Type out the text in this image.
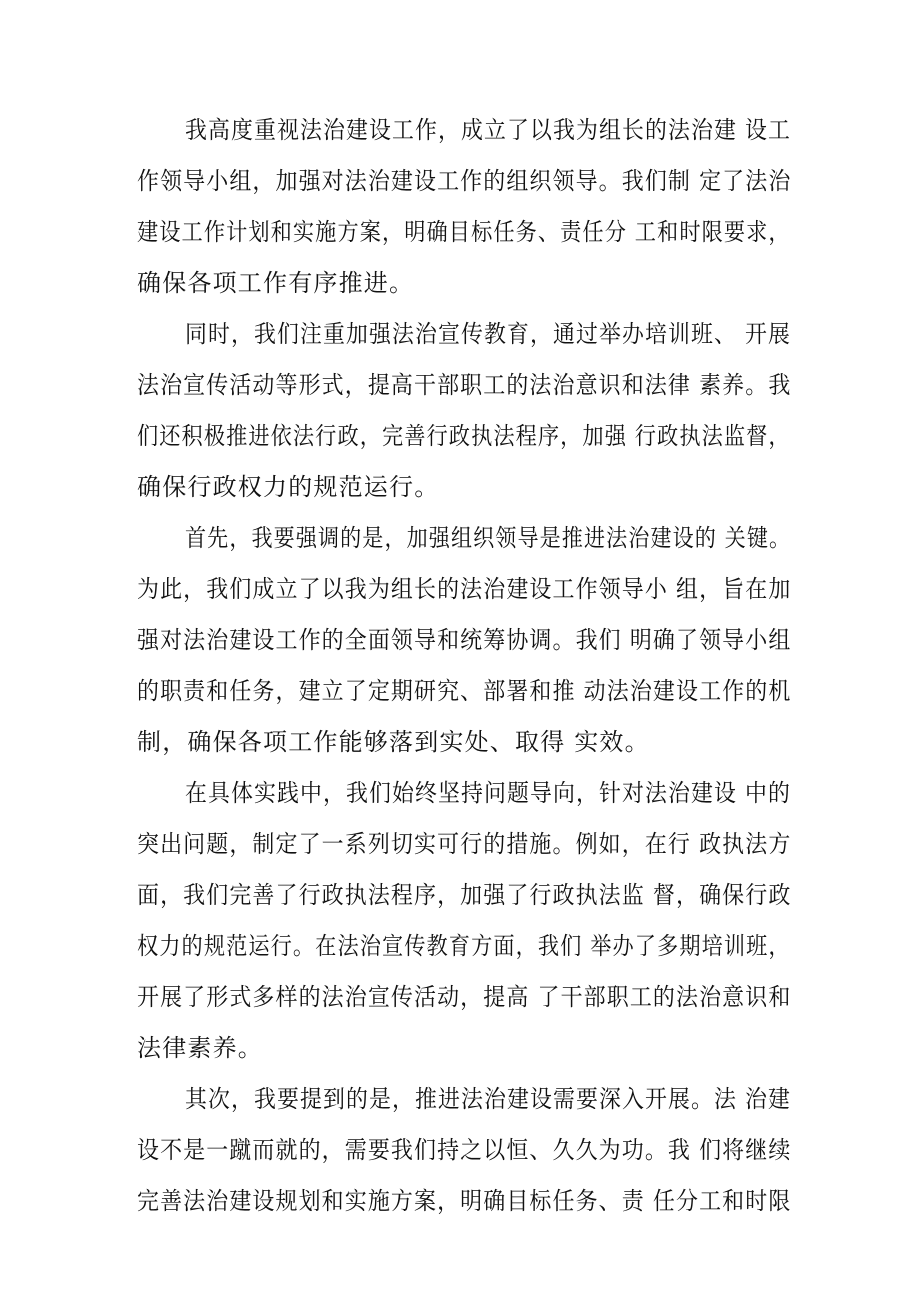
我高度重视法治建设工作，成立了以我为组长的法治建 设工
作领导小组，加强对法治建设工作的组织领导。我们制 定了法治
建设工作计划和实施方案，明确目标任务、责任分 工和时限要求，
确保各项工作有序推进。
同时，我们注重加强法治宣传教育，通过举办培训班、 开展
法治宣传活动等形式，提高干部职工的法治意识和法律 素养。我
们还积极推进依法行政，完善行政执法程序，加强 行政执法监督，
确保行政权力的规范运行。
首先，我要强调的是，加强组织领导是推进法治建设的 关键。
为此，我们成立了以我为组长的法治建设工作领导小 组，旨在加
强对法治建设工作的全面领导和统筹协调。我们 明确了领导小组
的职责和任务，建立了定期研究、部署和推 动法治建设工作的机
制，确保各项工作能够落到实处、取得 实效。
在具体实践中，我们始终坚持问题导向，针对法治建设 中的
突出问题，制定了一系列切实可行的措施。例如，在行 政执法方
面，我们完善了行政执法程序，加强了行政执法监 督，确保行政
权力的规范运行。在法治宣传教育方面，我们 举办了多期培训班，
开展了形式多样的法治宣传活动，提高 了干部职工的法治意识和
法律素养。
其次，我要提到的是，推进法治建设需要深入开展。法 治建
设不是一蹴而就的，需要我们持之以恒、久久为功。我 们将继续
完善法治建设规划和实施方案，明确目标任务、责 任分工和时限
